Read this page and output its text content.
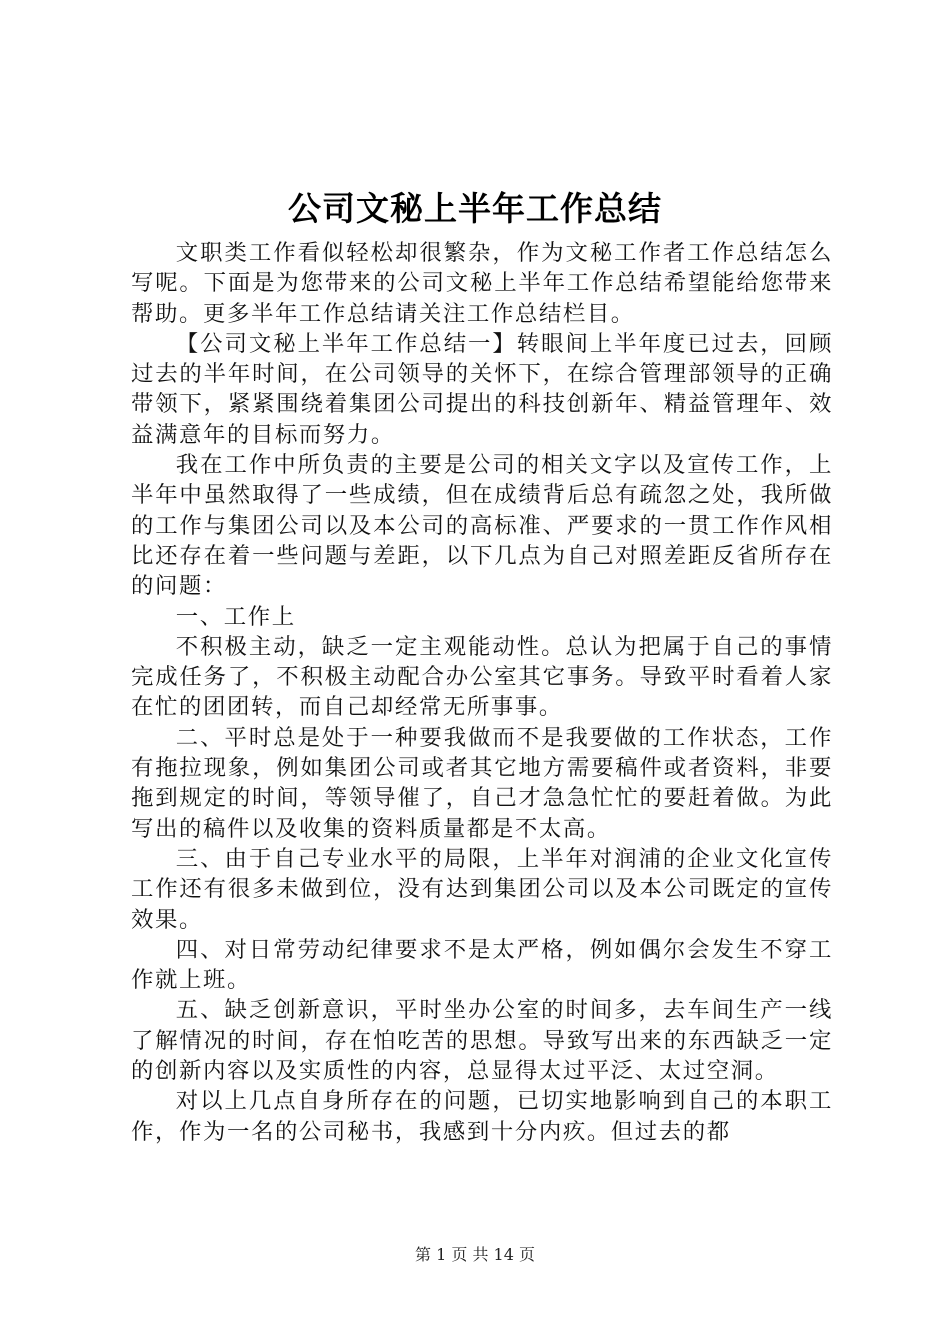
公司文秘上半年工作总结

文职类工作看似轻松却很繁杂，作为文秘工作者工作总结怎么写呢。下面是为您带来的公司文秘上半年工作总结希望能给您带来帮助。更多半年工作总结请关注工作总结栏目。

【公司文秘上半年工作总结一】转眼间上半年度已过去，回顾过去的半年时间，在公司领导的关怀下，在综合管理部领导的正确带领下，紧紧围绕着集团公司提出的科技创新年、精益管理年、效益满意年的目标而努力。

我在工作中所负责的主要是公司的相关文字以及宣传工作，上半年中虽然取得了一些成绩，但在成绩背后总有疏忽之处，我所做的工作与集团公司以及本公司的高标准、严要求的一贯工作作风相比还存在着一些问题与差距，以下几点为自己对照差距反省所存在的问题：

一、工作上

不积极主动，缺乏一定主观能动性。总认为把属于自己的事情完成任务了，不积极主动配合办公室其它事务。导致平时看着人家在忙的团团转，而自己却经常无所事事。

二、平时总是处于一种要我做而不是我要做的工作状态，工作有拖拉现象，例如集团公司或者其它地方需要稿件或者资料，非要拖到规定的时间，等领导催了，自己才急急忙忙的要赶着做。为此写出的稿件以及收集的资料质量都是不太高。

三、由于自己专业水平的局限，上半年对润浦的企业文化宣传工作还有很多未做到位，没有达到集团公司以及本公司既定的宣传效果。

四、对日常劳动纪律要求不是太严格，例如偶尔会发生不穿工作就上班。

五、缺乏创新意识，平时坐办公室的时间多，去车间生产一线了解情况的时间，存在怕吃苦的思想。导致写出来的东西缺乏一定的创新内容以及实质性的内容，总显得太过平泛、太过空洞。

对以上几点自身所存在的问题，已切实地影响到自己的本职工作，作为一名的公司秘书，我感到十分内疚。但过去的都

第 1 页 共 14 页
